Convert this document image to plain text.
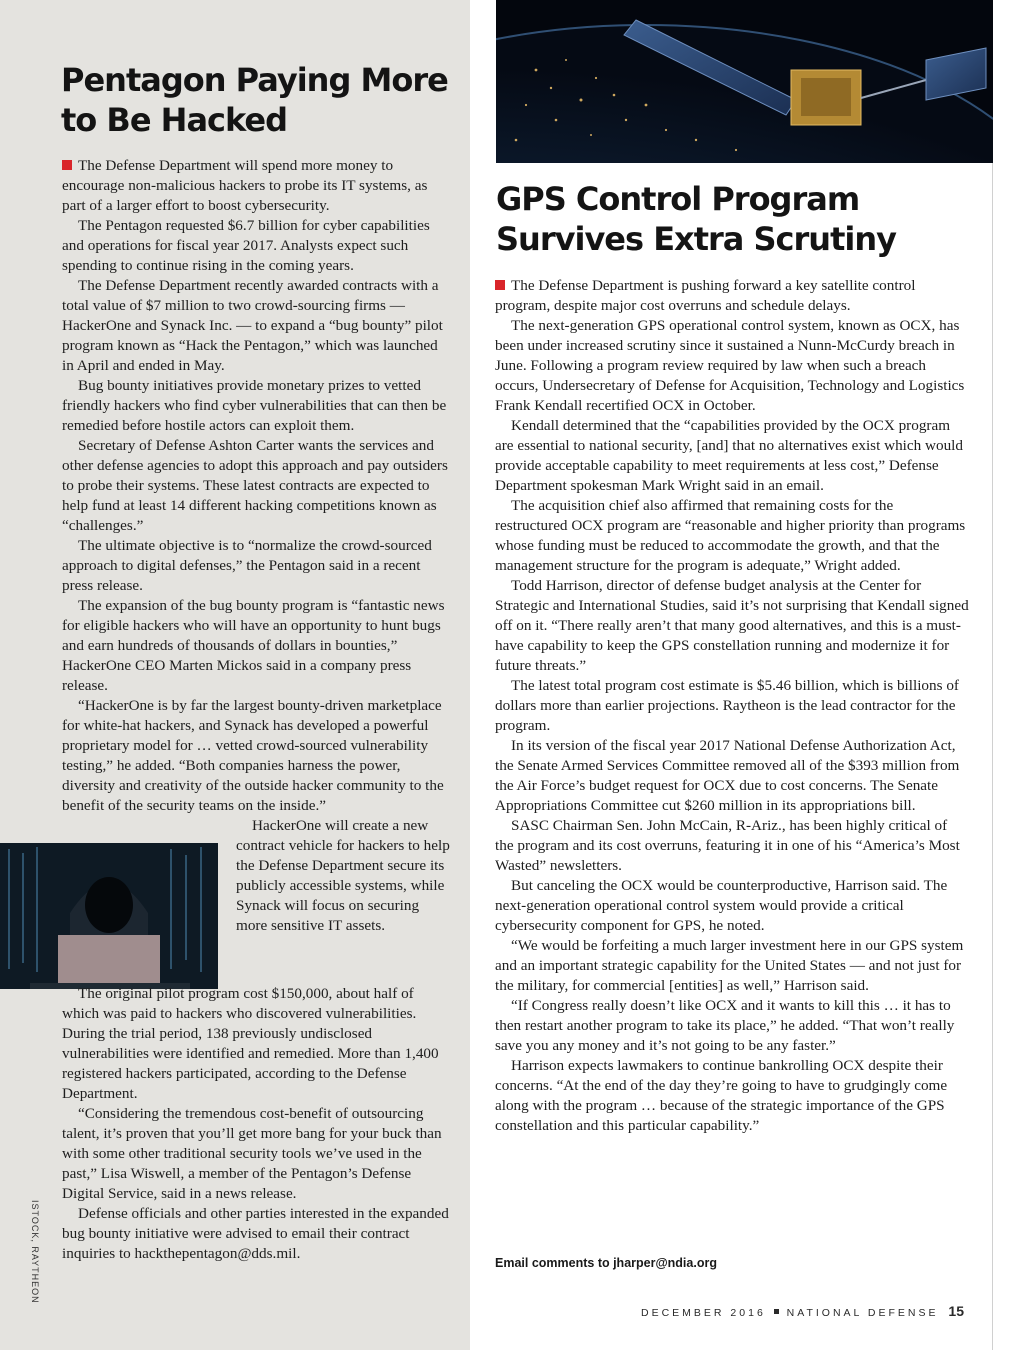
Pentagon Paying More to Be Hacked

The Defense Department will spend more money to encourage non-malicious hackers to probe its IT systems, as part of a larger effort to boost cybersecurity.

The Pentagon requested $6.7 billion for cyber capabilities and operations for fiscal year 2017. Analysts expect such spending to continue rising in the coming years.

The Defense Department recently awarded contracts with a total value of $7 million to two crowd-sourcing firms — HackerOne and Synack Inc. — to expand a “bug bounty” pilot program known as “Hack the Pentagon,” which was launched in April and ended in May.

Bug bounty initiatives provide monetary prizes to vetted friendly hackers who find cyber vulnerabilities that can then be remedied before hostile actors can exploit them.

Secretary of Defense Ashton Carter wants the services and other defense agencies to adopt this approach and pay outsiders to probe their systems. These latest contracts are expected to help fund at least 14 different hacking competitions known as “challenges.”

The ultimate objective is to “normalize the crowd-sourced approach to digital defenses,” the Pentagon said in a recent press release.

The expansion of the bug bounty program is “fantastic news for eligible hackers who will have an opportunity to hunt bugs and earn hundreds of thousands of dollars in bounties,” HackerOne CEO Marten Mickos said in a company press release.

“HackerOne is by far the largest bounty-driven marketplace for white-hat hackers, and Synack has developed a powerful proprietary model for … vetted crowd-sourced vulnerability testing,” he added. “Both companies harness the power, diversity and creativity of the outside hacker community to the benefit of the security teams on the inside.”

HackerOne will create a new contract vehicle for hackers to help the Defense Department secure its publicly accessible systems, while Synack will focus on securing more sensitive IT assets.

The original pilot program cost $150,000, about half of which was paid to hackers who discovered vulnerabilities. During the trial period, 138 previously undisclosed vulnerabilities were identified and remedied. More than 1,400 registered hackers participated, according to the Defense Department.

“Considering the tremendous cost-benefit of outsourcing talent, it’s proven that you’ll get more bang for your buck than with some other traditional security tools we’ve used in the past,” Lisa Wiswell, a member of the Pentagon’s Defense Digital Service, said in a news release.

Defense officials and other parties interested in the expanded bug bounty initiative were advised to email their contract inquiries to hackthepentagon@dds.mil.

ISTOCK, RAYTHEON
GPS Control Program Survives Extra Scrutiny

The Defense Department is pushing forward a key satellite control program, despite major cost overruns and schedule delays.

The next-generation GPS operational control system, known as OCX, has been under increased scrutiny since it sustained a Nunn-McCurdy breach in June. Following a program review required by law when such a breach occurs, Undersecretary of Defense for Acquisition, Technology and Logistics Frank Kendall recertified OCX in October.

Kendall determined that the “capabilities provided by the OCX program are essential to national security, [and] that no alternatives exist which would provide acceptable capability to meet requirements at less cost,” Defense Department spokesman Mark Wright said in an email.

The acquisition chief also affirmed that remaining costs for the restructured OCX program are “reasonable and higher priority than programs whose funding must be reduced to accommodate the growth, and that the management structure for the program is adequate,” Wright added.

Todd Harrison, director of defense budget analysis at the Center for Strategic and International Studies, said it’s not surprising that Kendall signed off on it. “There really aren’t that many good alternatives, and this is a must-have capability to keep the GPS constellation running and modernize it for future threats.”

The latest total program cost estimate is $5.46 billion, which is billions of dollars more than earlier projections. Raytheon is the lead contractor for the program.

In its version of the fiscal year 2017 National Defense Authorization Act, the Senate Armed Services Committee removed all of the $393 million from the Air Force’s budget request for OCX due to cost concerns. The Senate Appropriations Committee cut $260 million in its appropriations bill.

SASC Chairman Sen. John McCain, R-Ariz., has been highly critical of the program and its cost overruns, featuring it in one of his “America’s Most Wasted” newsletters.

But canceling the OCX would be counterproductive, Harrison said. The next-generation operational control system would provide a critical cybersecurity component for GPS, he noted.

“We would be forfeiting a much larger investment here in our GPS system and an important strategic capability for the United States — and not just for the military, for commercial [entities] as well,” Harrison said.

“If Congress really doesn’t like OCX and it wants to kill this … it has to then restart another program to take its place,” he added. “That won’t really save you any money and it’s not going to be any faster.”

Harrison expects lawmakers to continue bankrolling OCX despite their concerns. “At the end of the day they’re going to have to grudgingly come along with the program … because of the strategic importance of the GPS constellation and this particular capability.”

Email comments to jharper@ndia.org
DECEMBER 2016 NATIONAL DEFENSE 15
